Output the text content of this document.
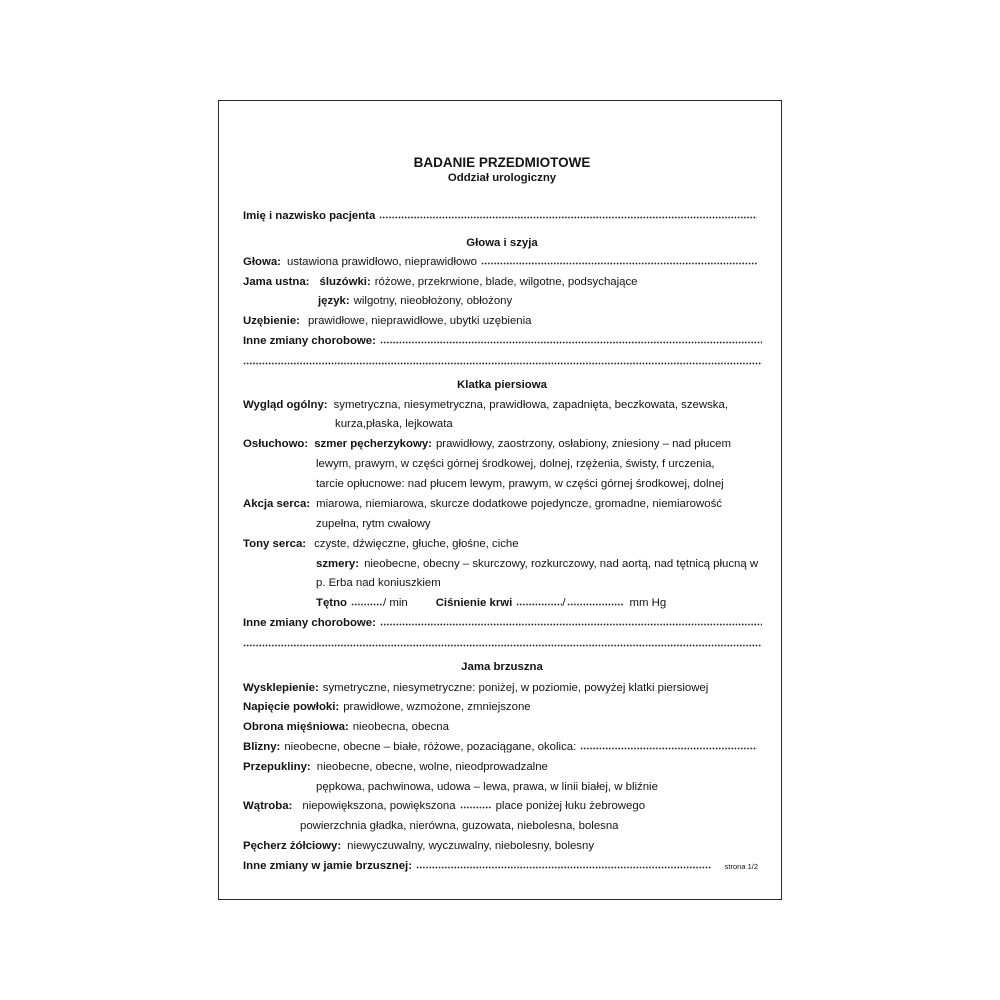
BADANIE PRZEDMIOTOWE
Oddział urologiczny
Imię i nazwisko pacjenta
Głowa i szyja
Głowa: ustawiona prawidłowo, nieprawidłowo
Jama ustna: śluzówki: różowe, przekrwione, blade, wilgotne, podsychające
język: wilgotny, nieobłożony, obłożony
Uzębienie: prawidłowe, nieprawidłowe, ubytki uzębienia
Inne zmiany chorobowe:
Klatka piersiowa
Wygląd ogólny: symetryczna, niesymetryczna, prawidłowa, zapadnięta, beczkowata, szewska,
kurza,płaska, lejkowata
Osłuchowo: szmer pęcherzykowy: prawidłowy, zaostrzony, osłabiony, zniesiony – nad płucem
lewym, prawym, w części górnej środkowej, dolnej, rzężenia, świsty, f urczenia,
tarcie opłucnowe: nad płucem lewym, prawym, w części górnej środkowej, dolnej
Akcja serca: miarowa, niemiarowa, skurcze dodatkowe pojedyncze, gromadne, niemiarowość
zupełna, rytm cwałowy
Tony serca: czyste, dźwięczne, głuche, głośne, ciche
szmery: nieobecne, obecny – skurczowy, rozkurczowy, nad aortą, nad tętnicą płucną w
p. Erba nad koniuszkiem
Tętno	/ min Ciśnienie krwi	/	mm Hg
Inne zmiany chorobowe:
Jama brzuszna
Wysklepienie: symetryczne, niesymetryczne: poniżej, w poziomie, powyżej klatki piersiowej
Napięcie powłoki: prawidłowe, wzmożone, zmniejszone
Obrona mięśniowa: nieobecna, obecna
Blizny: nieobecne, obecne – białe, różowe, pozaciągane, okolica:
Przepukliny: nieobecne, obecne, wolne, nieodprowadzalne
pępkowa, pachwinowa, udowa – lewa, prawa, w linii białej, w bliźnie
Wątroba: niepowiększona, powiększona	place poniżej łuku żebrowego
powierzchnia gładka, nierówna, guzowata, niebolesna, bolesna
Pęcherz żółciowy: niewyczuwalny, wyczuwalny, niebolesny, bolesny
Inne zmiany w jamie brzusznej:	strona 1/2
